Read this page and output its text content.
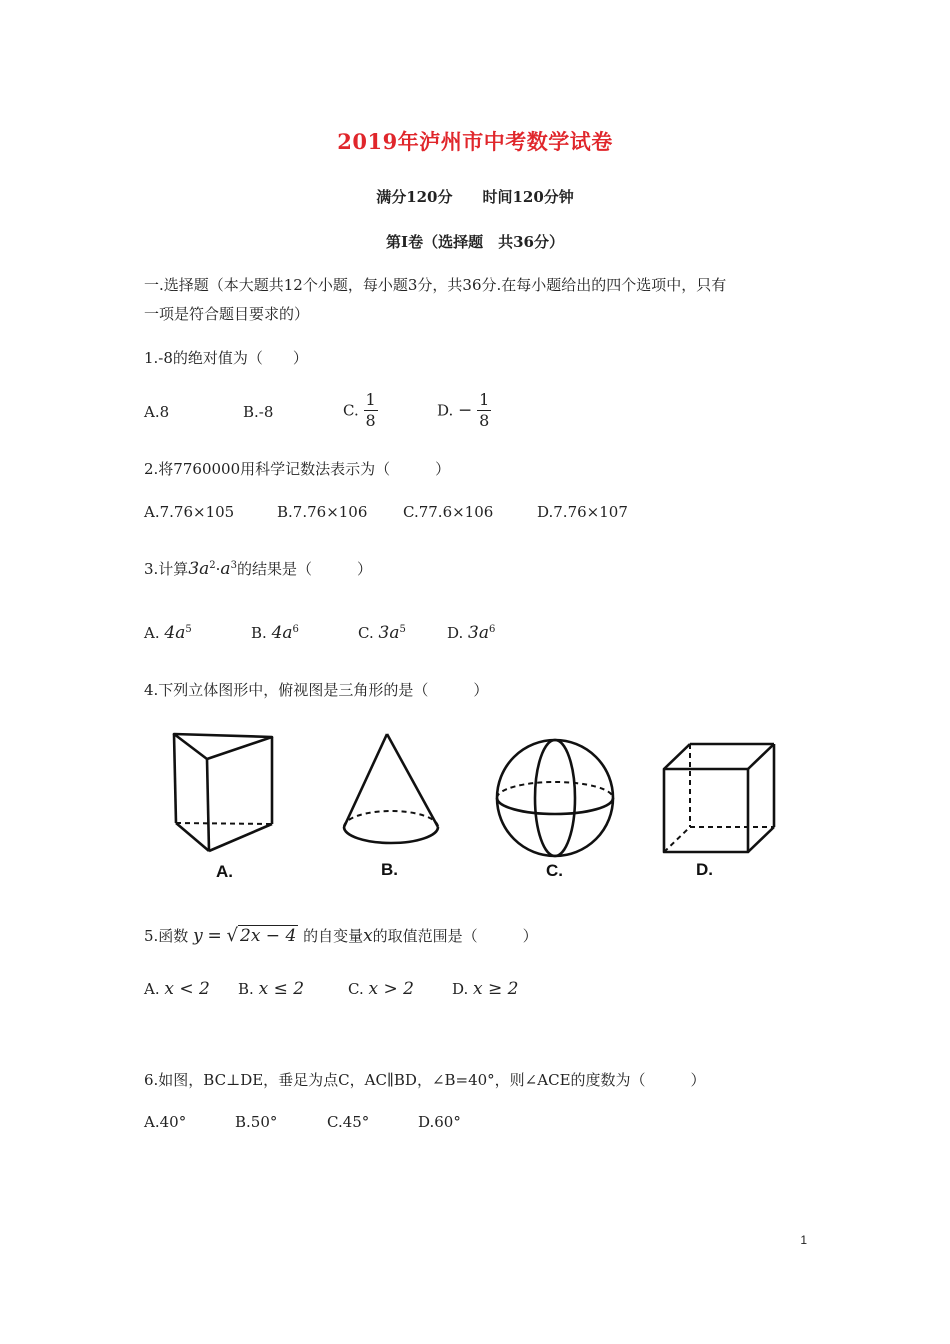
2019年泸州市中考数学试卷
满分120分　　时间120分钟
第Ⅰ卷（选择题　共36分）
一.选择题（本大题共12个小题，每小题3分，共36分.在每小题给出的四个选项中，只有
一项是符合题目要求的）
1.-8的绝对值为（　　）
A.8	B.-8	C. $\frac{1}{8}$	D. − $\frac{1}{8}$
2.将7760000用科学记数法表示为（　　　）
A.7.76×105	B.7.76×106 C.77.6×106	D.7.76×107
3.计算$3a^2\cdot a^3$的结果是（　　　）
A. $4a^5$	B. $4a^6$	C. $3a^5$	D. $3a^6$
4.下列立体图形中，俯视图是三角形的是（　　　）
A.	B.	C.	D.
5.函数 y = √ 2x − 4 的自变量x的取值范围是（　　　）
A. x < 2 B. x ≤ 2	C. x > 2	D. x ≥ 2
6.如图，BC⊥DE，垂足为点C，AC∥BD，∠B=40°，则∠ACE的度数为（　　　）
A.40°	B.50°	C.45°	D.60°
1
